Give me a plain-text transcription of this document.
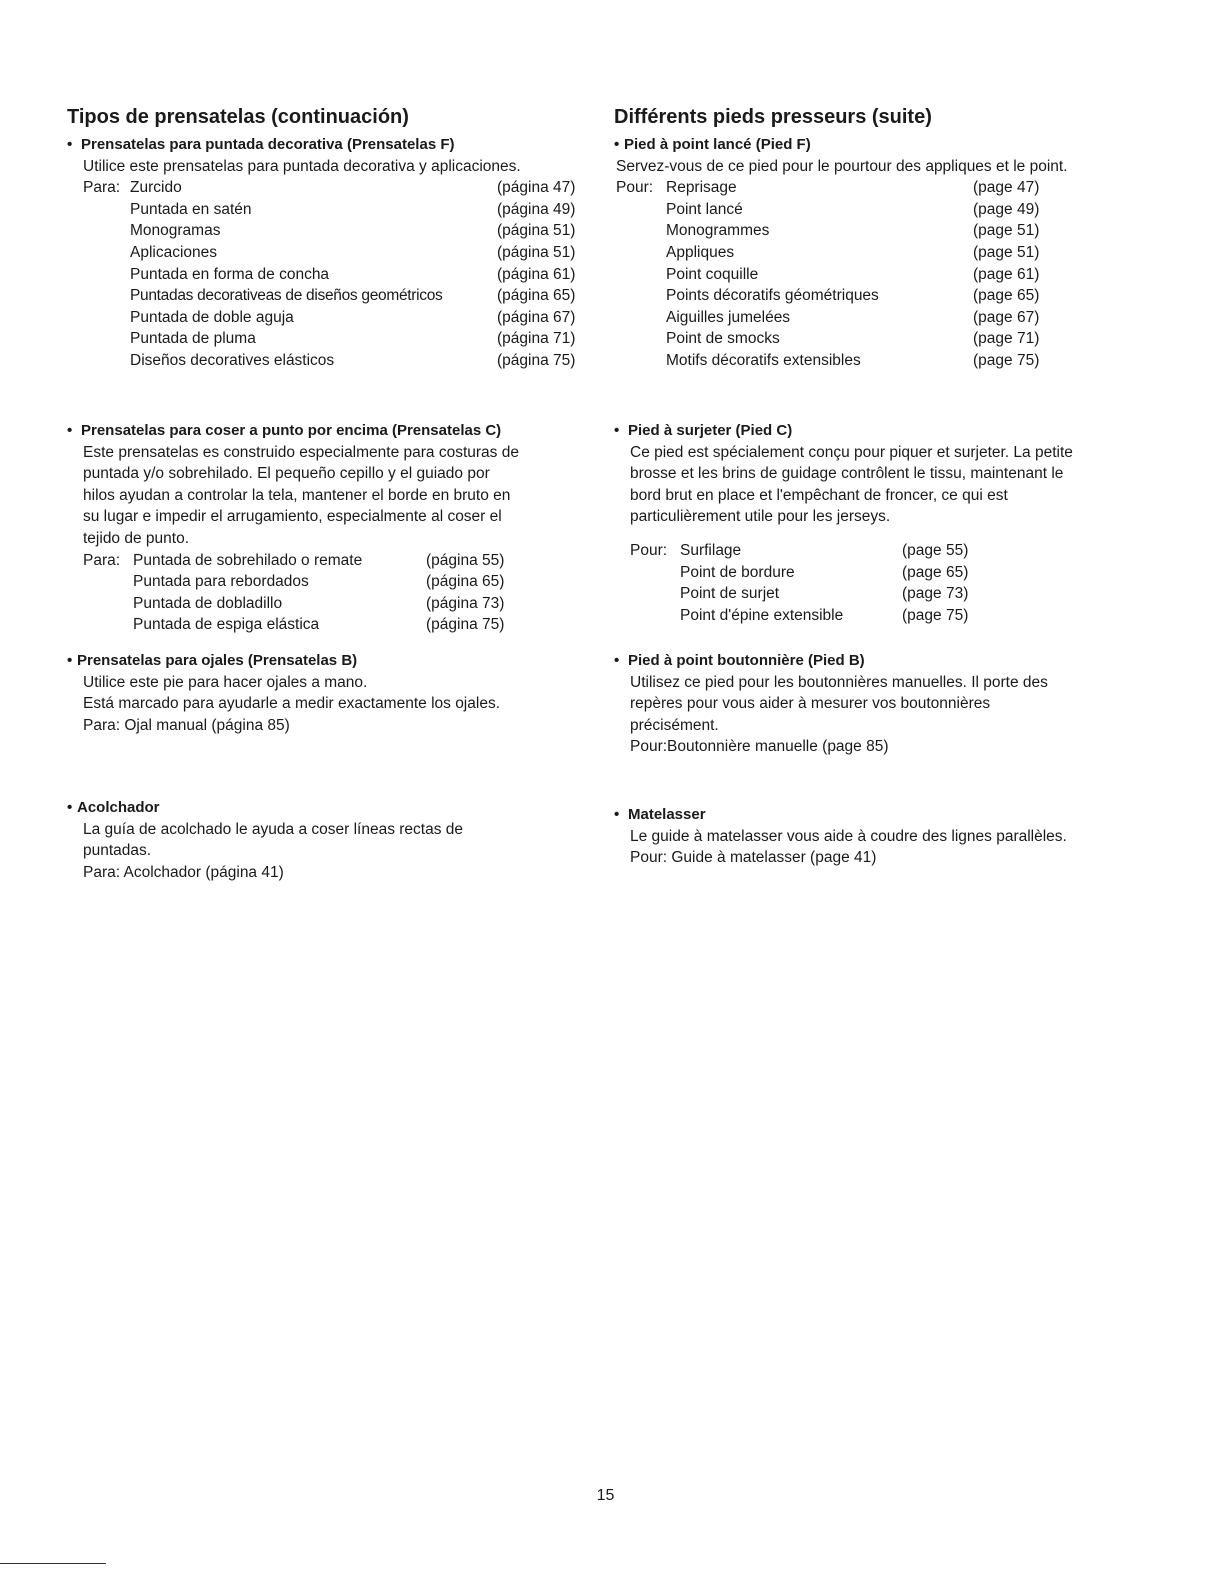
Tipos de prensatelas (continuación)

• Prensatelas para puntada decorativa (Prensatelas F)

Utilice este prensatelas para puntada decorativa y aplicaciones.

Para: Zurcido	(página 47)
Puntada en satén	(página 49)
Monogramas	(página 51)
Aplicaciones	(página 51)
Puntada en forma de concha	(página 61)
Puntadas decorativeas de diseños geométricos	(página 65)
Puntada de doble aguja	(página 67)
Puntada de pluma	(página 71)
Diseños decoratives elásticos	(página 75)

• Prensatelas para coser a punto por encima (Prensatelas C)

Este prensatelas es construido especialmente para costuras de

puntada y/o sobrehilado. El pequeño cepillo y el guiado por

hilos ayudan a controlar la tela, mantener el borde en bruto en

su lugar e impedir el arrugamiento, especialmente al coser el

tejido de punto.

Para: Puntada de sobrehilado o remate	(página 55)
Puntada para rebordados	(página 65)
Puntada de dobladillo	(página 73)
Puntada de espiga elástica	(página 75)

• Prensatelas para ojales (Prensatelas B)

Utilice este pie para hacer ojales a mano.

Está marcado para ayudarle a medir exactamente los ojales.

Para: Ojal manual (página 85)

• Acolchador

La guía de acolchado le ayuda a coser líneas rectas de

puntadas.

Para: Acolchador (página 41)

Différents pieds presseurs (suite)

• Pied à point lancé (Pied F)

Servez-vous de ce pied pour le pourtour des appliques et le point.

Pour: Reprisage	(page 47)
Point lancé	(page 49)
Monogrammes	(page 51)
Appliques	(page 51)
Point coquille	(page 61)
Points décoratifs géométriques	(page 65)
Aiguilles jumelées	(page 67)
Point de smocks	(page 71)
Motifs décoratifs extensibles	(page 75)

• Pied à surjeter (Pied C)

Ce pied est spécialement conçu pour piquer et surjeter. La petite

brosse et les brins de guidage contrôlent le tissu, maintenant le

bord brut en place et l'empêchant de froncer, ce qui est

particulièrement utile pour les jerseys.

Pour: Surfilage	(page 55)
Point de bordure	(page 65)
Point de surjet	(page 73)
Point d'épine extensible	(page 75)

• Pied à point boutonnière (Pied B)

Utilisez ce pied pour les boutonnières manuelles. Il porte des

repères pour vous aider à mesurer vos boutonnières

précisément.

Pour:Boutonnière manuelle (page 85)

• Matelasser

Le guide à matelasser vous aide à coudre des lignes parallèles.

Pour: Guide à matelasser (page 41)

15
